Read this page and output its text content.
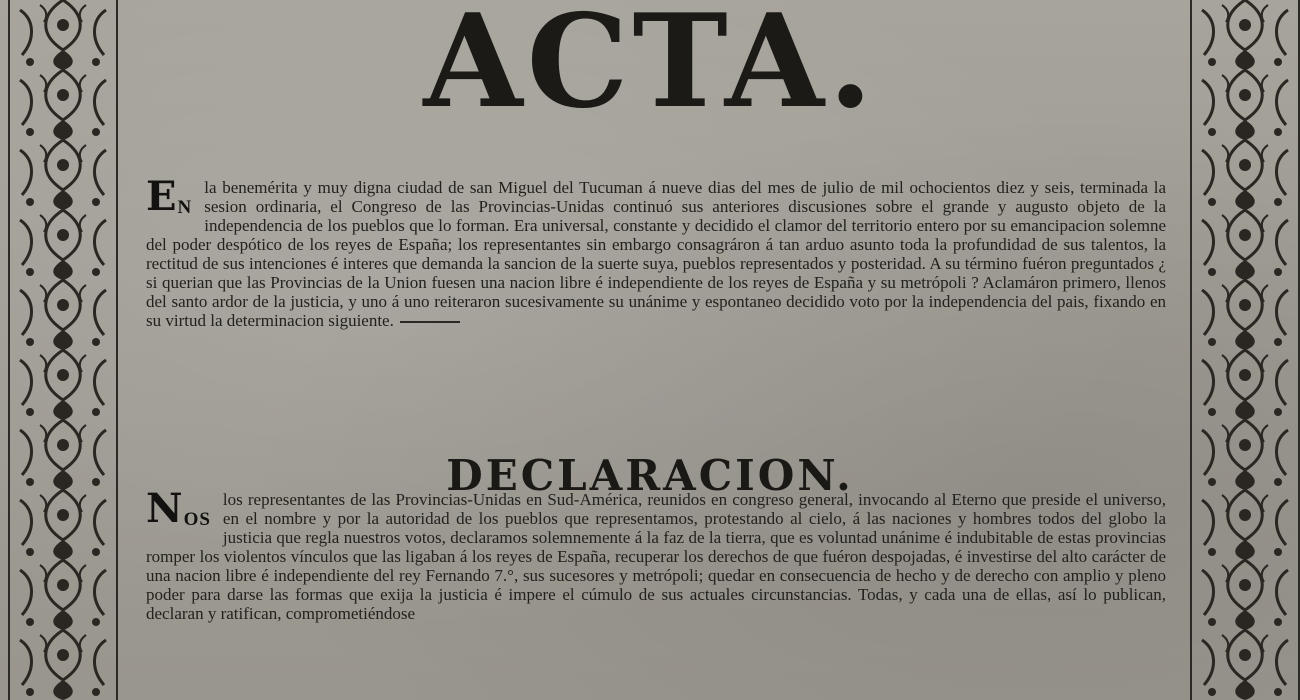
ACTA.

E N
la benemérita y muy digna ciudad de san Miguel del Tucuman á nueve dias del mes de julio de mil ochocientos diez y seis, terminada la sesion ordinaria, el Congreso de las Provincias-Unidas continuó sus anteriores discusiones sobre el grande y augusto objeto de la independencia de los pueblos que lo forman. Era universal, constante y decidido el clamor del territorio entero por su emancipacion solemne del poder despótico de los reyes de España; los representantes sin embargo consagráron á tan arduo asunto toda la profundidad de sus talentos, la rectitud de sus intenciones é interes que demanda la sancion de la suerte suya, pueblos representados y posteridad. A su término fuéron preguntados ¿ si querian que las Provincias de la Union fuesen una nacion libre é independiente de los reyes de España y su metrópoli ? Aclamáron primero, llenos del santo ardor de la justicia, y uno á uno reiteraron sucesivamente su unánime y espontaneo decidido voto por la independencia del pais, fixando en su virtud la determinacion siguiente.

DECLARACION.

N OS
los representantes de las Provincias-Unidas en Sud-América, reunidos en congreso general, invocando al Eterno que preside el universo, en el nombre y por la autoridad de los pueblos que representamos, protestando al cielo, á las naciones y hombres todos del globo la justicia que regla nuestros votos, declaramos solemnemente á la faz de la tierra, que es voluntad unánime é indubitable de estas provincias romper los violentos vínculos que las ligaban á los reyes de España, recuperar los derechos de que fuéron despojadas, é investirse del alto carácter de una nacion libre é independiente del rey Fernando 7.°, sus sucesores y metrópoli; quedar en consecuencia de hecho y de derecho con amplio y pleno poder para darse las formas que exija la justicia é impere el cúmulo de sus actuales circunstancias. Todas, y cada una de ellas, así lo publican, declaran y ratifican, comprometiéndose
